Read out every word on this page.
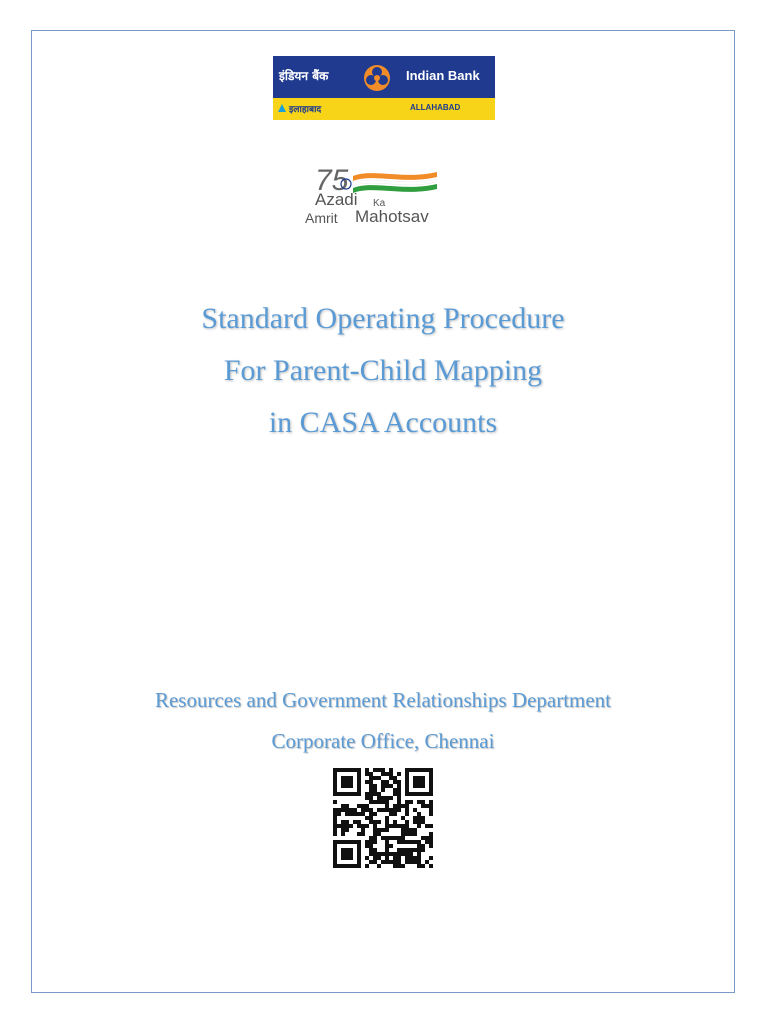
इंडियन बैंक	Indian Bank
इलाहाबाद	ALLAHABAD
75
Azadi Ka
Amrit Mahotsav
Standard Operating Procedure
For Parent-Child Mapping
in CASA Accounts
Resources and Government Relationships Department
Corporate Office, Chennai
